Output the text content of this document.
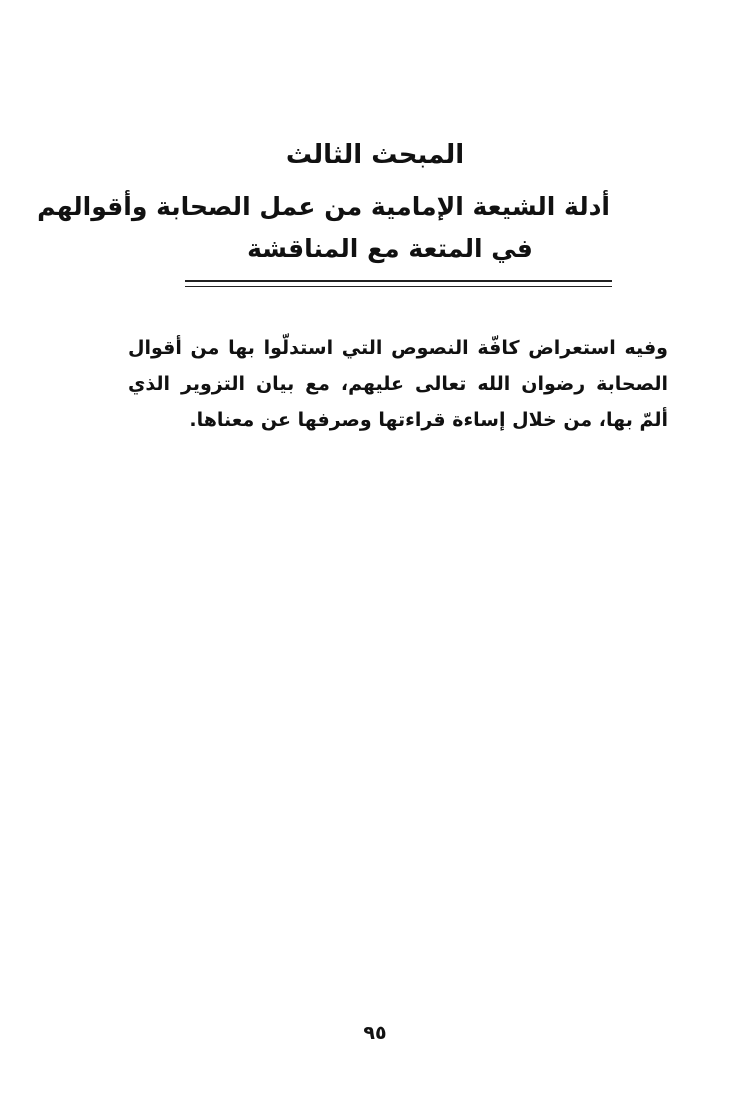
المبحث الثالث
أدلة الشيعة الإمامية من عمل الصحابة وأقوالهم
في المتعة مع المناقشة
وفيه استعراض كافّة النصوص التي استدلّوا بها من أقوال الصحابة رضوان الله تعالى عليهم، مع بيان التزوير الذي ألمّ بها، من خلال إساءة قراءتها وصرفها عن معناها.
٩٥
